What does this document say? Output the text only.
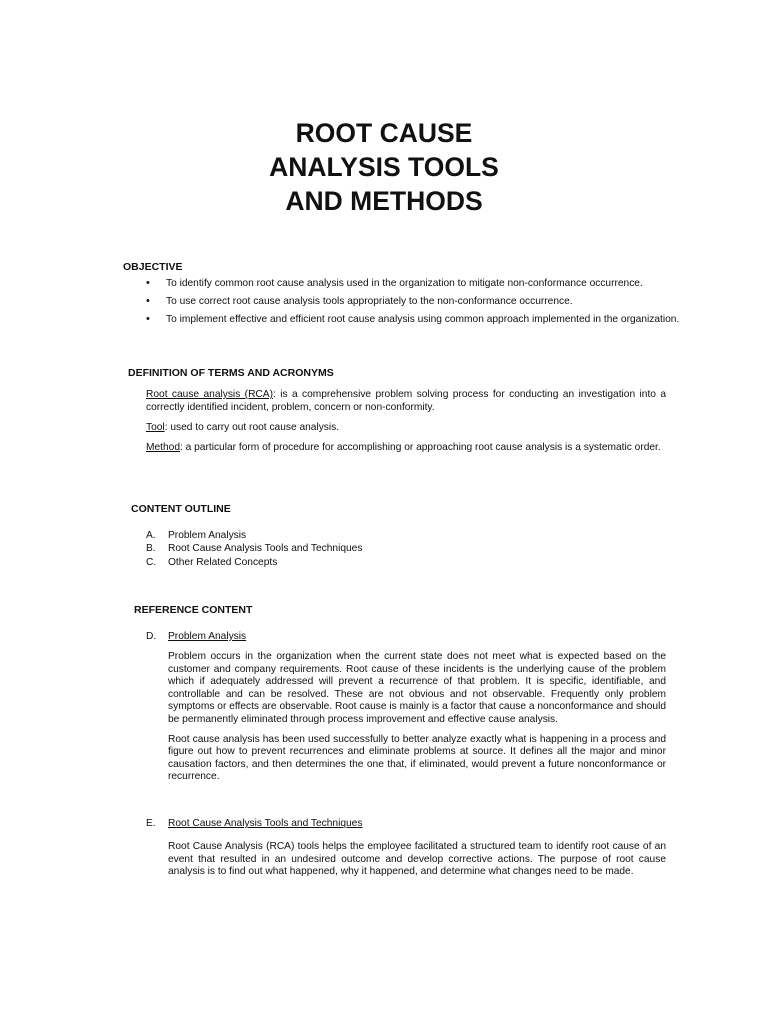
ROOT CAUSE
ANALYSIS TOOLS
AND METHODS
OBJECTIVE
• To identify common root cause analysis used in the organization to mitigate non-conformance occurrence.
• To use correct root cause analysis tools appropriately to the non-conformance occurrence.
• To implement effective and efficient root cause analysis using common approach implemented in the organization.
DEFINITION OF TERMS AND ACRONYMS

Root cause analysis (RCA): is a comprehensive problem solving process for conducting an investigation into a correctly identified incident, problem, concern or non-conformity.

Tool: used to carry out root cause analysis.

Method: a particular form of procedure for accomplishing or approaching root cause analysis is a systematic order.

CONTENT OUTLINE
A. Problem Analysis
B. Root Cause Analysis Tools and Techniques
C. Other Related Concepts
REFERENCE CONTENT
D. Problem Analysis

Problem occurs in the organization when the current state does not meet what is expected based on the customer and company requirements. Root cause of these incidents is the underlying cause of the problem which if adequately addressed will prevent a recurrence of that problem. It is specific, identifiable, and controllable and can be resolved. These are not obvious and not observable. Frequently only problem symptoms or effects are observable. Root cause is mainly is a factor that cause a nonconformance and should be permanently eliminated through process improvement and effective cause analysis.

Root cause analysis has been used successfully to better analyze exactly what is happening in a process and figure out how to prevent recurrences and eliminate problems at source. It defines all the major and minor causation factors, and then determines the one that, if eliminated, would prevent a future nonconformance or recurrence.

E. Root Cause Analysis Tools and Techniques

Root Cause Analysis (RCA) tools helps the employee facilitated a structured team to identify root cause of an event that resulted in an undesired outcome and develop corrective actions. The purpose of root cause analysis is to find out what happened, why it happened, and determine what changes need to be made.
